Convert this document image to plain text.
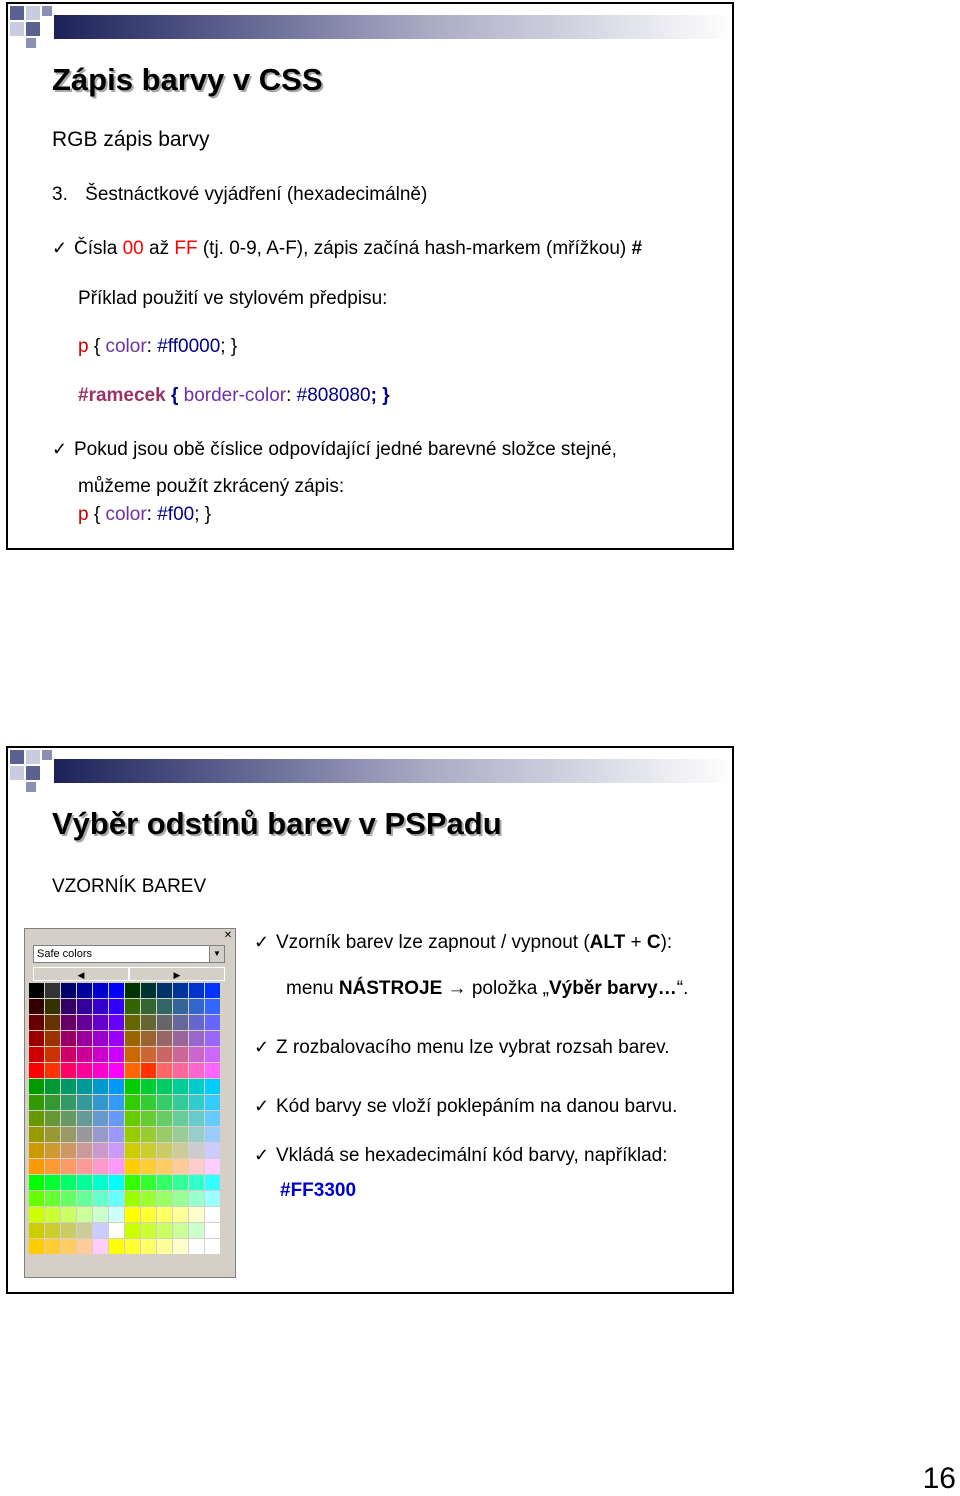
Zápis barvy v CSS
RGB zápis barvy
3. Šestnáctkové vyjádření (hexadecimálně)
✓ Čísla 00 až FF (tj. 0-9, A-F), zápis začíná hash-markem (mřížkou) #
Příklad použití ve stylovém předpisu:
p { color: #ff0000; }
#ramecek { border-color: #808080; }
✓ Pokud jsou obě číslice odpovídající jedné barevné složce stejné,
můžeme použít zkrácený zápis:
p { color: #f00; }
Výběr odstínů barev v PSPadu
VZORNÍK BAREV
✕
Safe colors	▼
◀	▶
✓ Vzorník barev lze zapnout / vypnout (ALT + C):
menu NÁSTROJE → položka „Výběr barvy…“.
✓ Z rozbalovacího menu lze vybrat rozsah barev.
✓ Kód barvy se vloží poklepáním na danou barvu.
✓ Vkládá se hexadecimální kód barvy, například:
#FF3300
16
